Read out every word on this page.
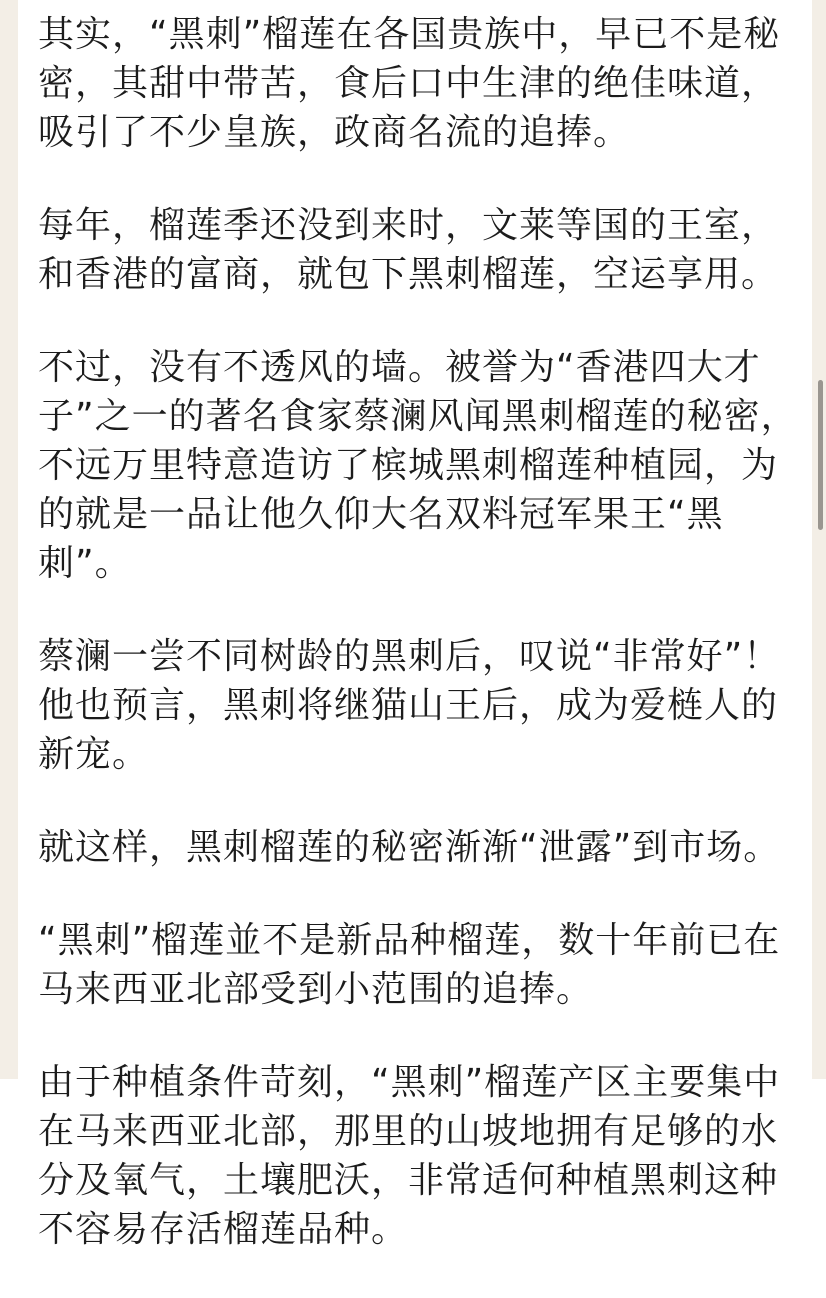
其实，“黑刺”榴莲在各国贵族中，早已不是秘密，其甜中带苦，食后口中生津的绝佳味道，吸引了不少皇族，政商名流的追捧。

每年，榴莲季还没到来时，文莱等国的王室，和香港的富商，就包下黑刺榴莲，空运享用。

不过，没有不透风的墙。被誉为“香港四大才子”之一的著名食家蔡澜风闻黑刺榴莲的秘密，不远万里特意造访了槟城黑刺榴莲种植园，为的就是一品让他久仰大名双料冠军果王“黑刺”。

蔡澜一尝不同树龄的黑刺后，叹说“非常好”！他也预言，黑刺将继猫山王后，成为爱梿人的新宠。

就这样，黑刺榴莲的秘密渐渐“泄露”到市场。

“黑刺”榴莲並不是新品种榴莲，数十年前已在马来西亚北部受到小范围的追捧。

由于种植条件苛刻，“黑刺”榴莲产区主要集中在马来西亚北部，那里的山坡地拥有足够的水分及氧气，土壤肥沃，非常适何种植黑刺这种不容易存活榴莲品种。
